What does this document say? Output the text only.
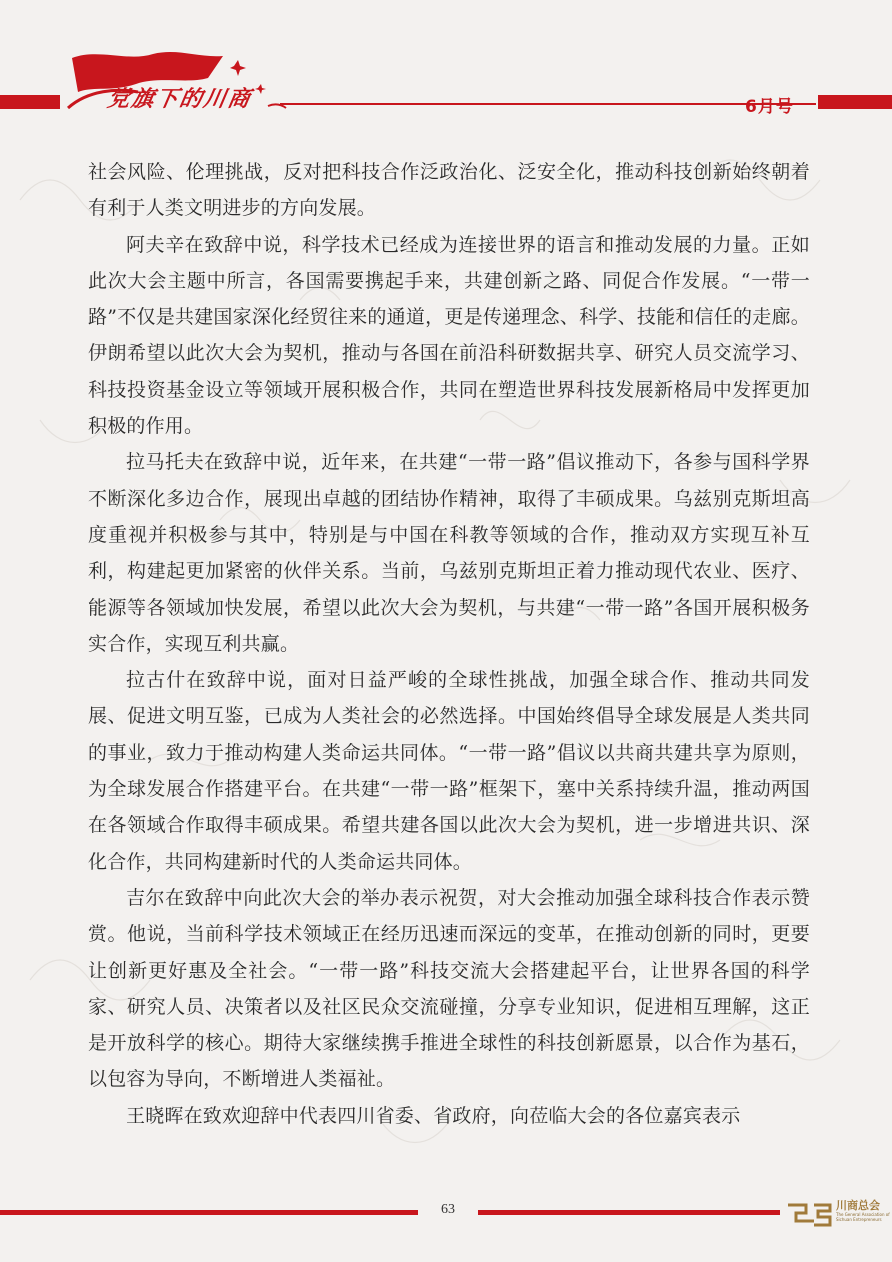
党旗下的川商	6月号

社会风险、伦理挑战，反对把科技合作泛政治化、泛安全化，推动科技创新始终朝着有利于人类文明进步的方向发展。

阿夫辛在致辞中说，科学技术已经成为连接世界的语言和推动发展的力量。正如此次大会主题中所言，各国需要携起手来，共建创新之路、同促合作发展。“一带一路”不仅是共建国家深化经贸往来的通道，更是传递理念、科学、技能和信任的走廊。伊朗希望以此次大会为契机，推动与各国在前沿科研数据共享、研究人员交流学习、科技投资基金设立等领域开展积极合作，共同在塑造世界科技发展新格局中发挥更加积极的作用。

拉马托夫在致辞中说，近年来，在共建“一带一路”倡议推动下，各参与国科学界不断深化多边合作，展现出卓越的团结协作精神，取得了丰硕成果。乌兹别克斯坦高度重视并积极参与其中，特别是与中国在科教等领域的合作，推动双方实现互补互利，构建起更加紧密的伙伴关系。当前，乌兹别克斯坦正着力推动现代农业、医疗、能源等各领域加快发展，希望以此次大会为契机，与共建“一带一路”各国开展积极务实合作，实现互利共赢。

拉古什在致辞中说，面对日益严峻的全球性挑战，加强全球合作、推动共同发展、促进文明互鉴，已成为人类社会的必然选择。中国始终倡导全球发展是人类共同的事业，致力于推动构建人类命运共同体。“一带一路”倡议以共商共建共享为原则，为全球发展合作搭建平台。在共建“一带一路”框架下，塞中关系持续升温，推动两国在各领域合作取得丰硕成果。希望共建各国以此次大会为契机，进一步增进共识、深化合作，共同构建新时代的人类命运共同体。

吉尔在致辞中向此次大会的举办表示祝贺，对大会推动加强全球科技合作表示赞赏。他说，当前科学技术领域正在经历迅速而深远的变革，在推动创新的同时，更要让创新更好惠及全社会。“一带一路”科技交流大会搭建起平台，让世界各国的科学家、研究人员、决策者以及社区民众交流碰撞，分享专业知识，促进相互理解，这正是开放科学的核心。期待大家继续携手推进全球性的科技创新愿景，以合作为基石，以包容为导向，不断增进人类福祉。

王晓晖在致欢迎辞中代表四川省委、省政府，向莅临大会的各位嘉宾表示

63	川商总会
The General Association of Sichuan Entrepreneurs
